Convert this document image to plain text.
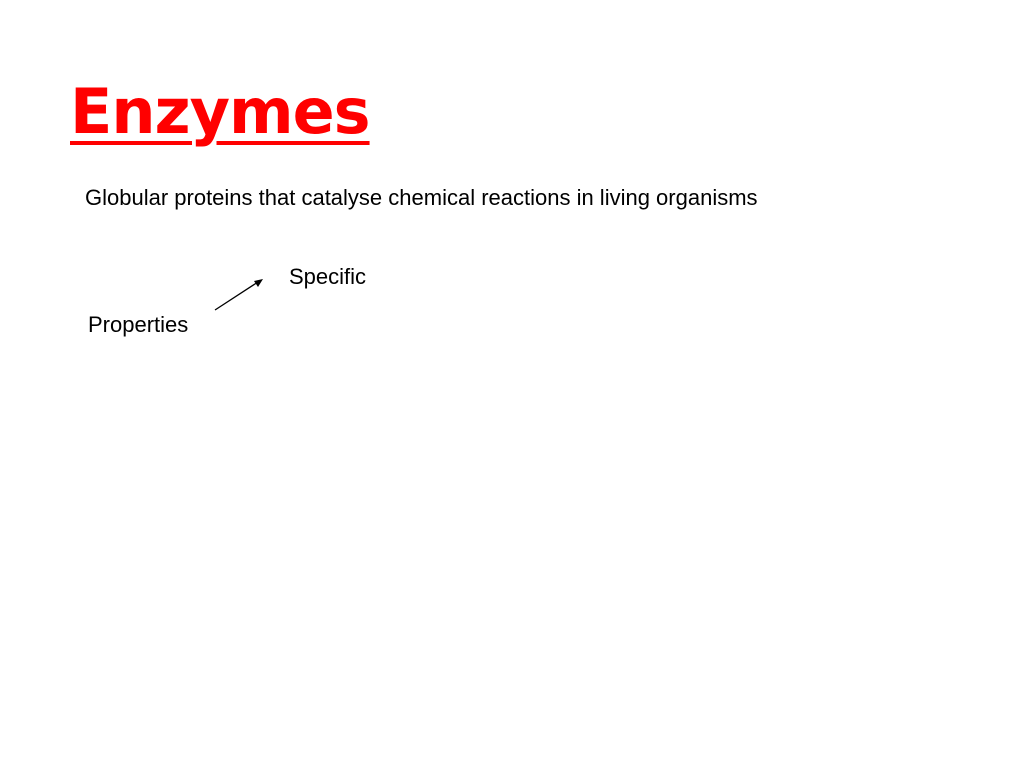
Enzymes
Globular proteins that catalyse chemical reactions in living organisms
Specific
Properties
